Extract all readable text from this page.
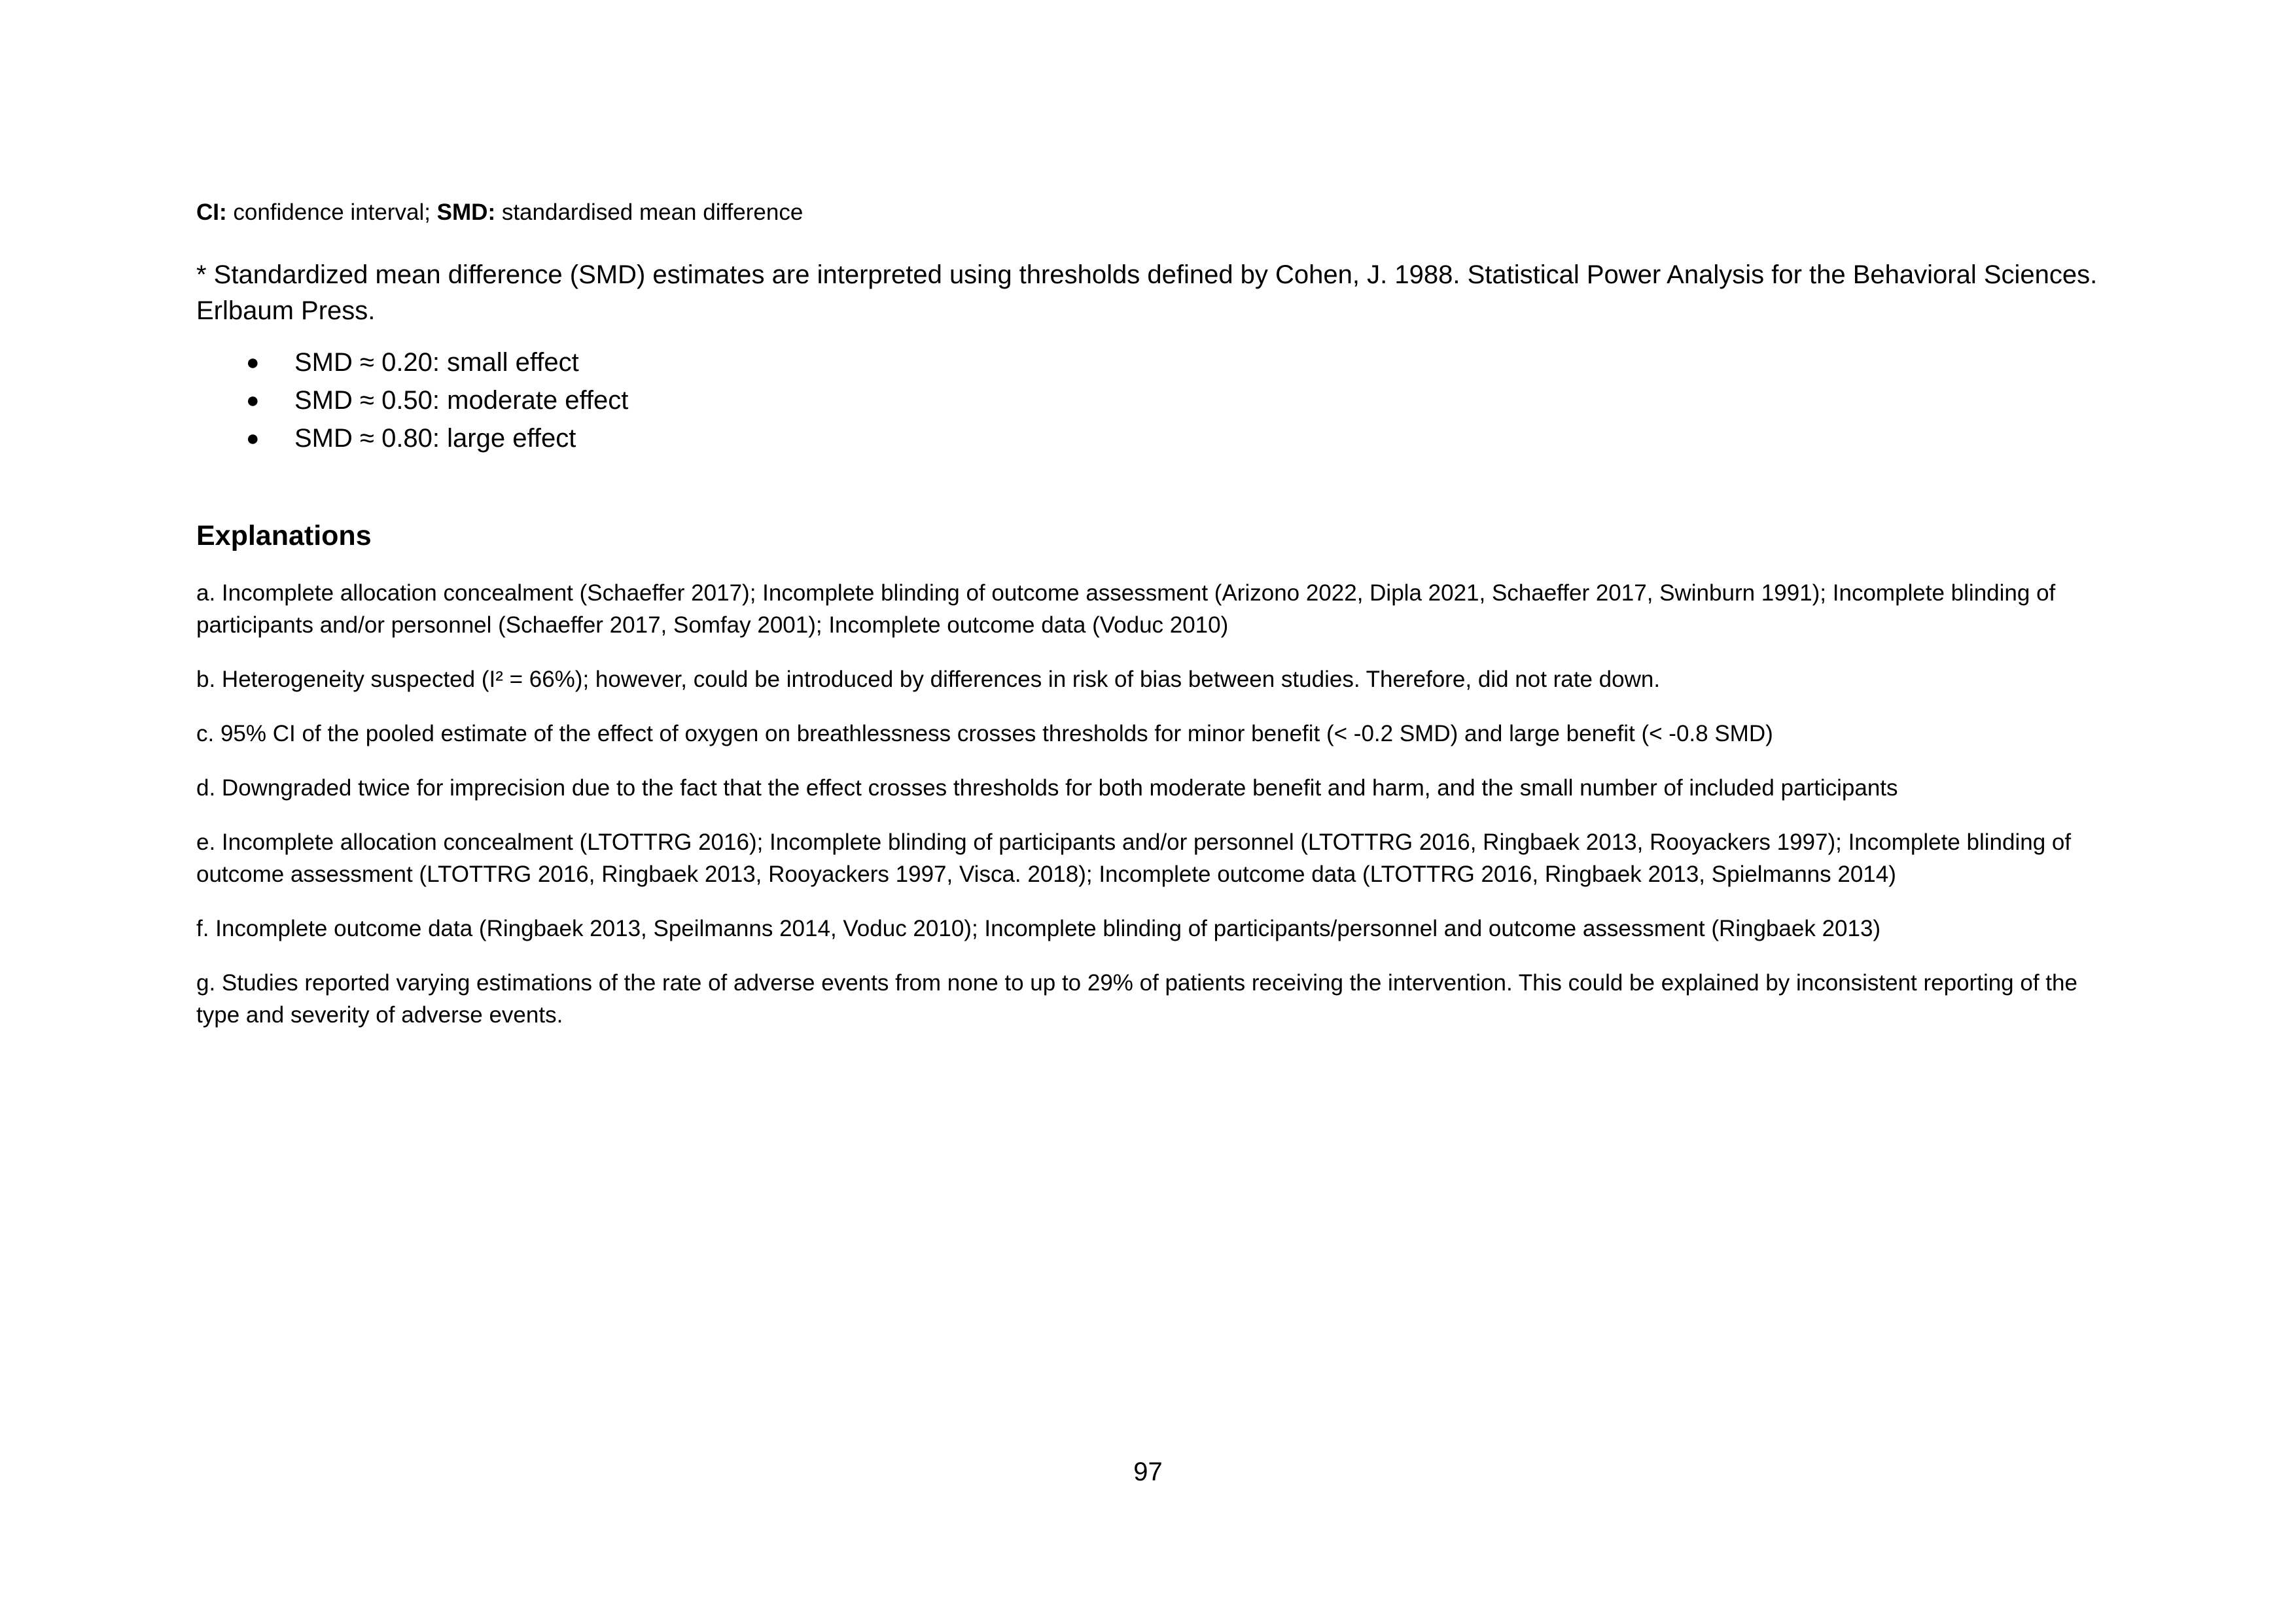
CI: confidence interval; SMD: standardised mean difference

* Standardized mean difference (SMD) estimates are interpreted using thresholds defined by Cohen, J. 1988. Statistical Power Analysis for the Behavioral Sciences. Erlbaum Press.

● SMD ≈ 0.20: small effect
● SMD ≈ 0.50: moderate effect
● SMD ≈ 0.80: large effect
Explanations
a. Incomplete allocation concealment (Schaeffer 2017); Incomplete blinding of outcome assessment (Arizono 2022, Dipla 2021, Schaeffer 2017, Swinburn 1991); Incomplete blinding of participants and/or personnel (Schaeffer 2017, Somfay 2001); Incomplete outcome data (Voduc 2010)
b. Heterogeneity suspected (I² = 66%); however, could be introduced by differences in risk of bias between studies. Therefore, did not rate down.
c. 95% CI of the pooled estimate of the effect of oxygen on breathlessness crosses thresholds for minor benefit (< -0.2 SMD) and large benefit (< -0.8 SMD)
d. Downgraded twice for imprecision due to the fact that the effect crosses thresholds for both moderate benefit and harm, and the small number of included participants
e. Incomplete allocation concealment (LTOTTRG 2016); Incomplete blinding of participants and/or personnel (LTOTTRG 2016, Ringbaek 2013, Rooyackers 1997); Incomplete blinding of outcome assessment (LTOTTRG 2016, Ringbaek 2013, Rooyackers 1997, Visca. 2018); Incomplete outcome data (LTOTTRG 2016, Ringbaek 2013, Spielmanns 2014)
f. Incomplete outcome data (Ringbaek 2013, Speilmanns 2014, Voduc 2010); Incomplete blinding of participants/personnel and outcome assessment (Ringbaek 2013)
g. Studies reported varying estimations of the rate of adverse events from none to up to 29% of patients receiving the intervention. This could be explained by inconsistent reporting of the type and severity of adverse events.
97
